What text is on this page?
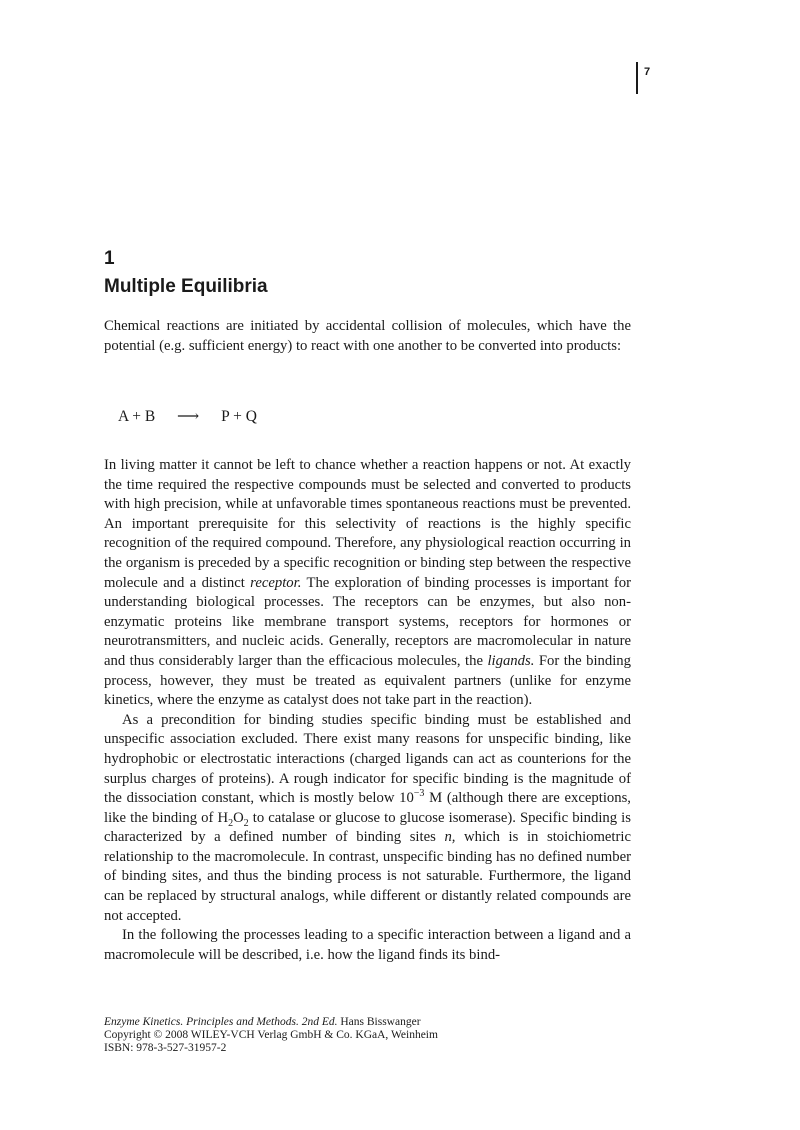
7
1
Multiple Equilibria

Chemical reactions are initiated by accidental collision of molecules, which have the potential (e.g. sufficient energy) to react with one another to be converted into products:

A + B ⟶ P + Q

In living matter it cannot be left to chance whether a reaction happens or not. At exactly the time required the respective compounds must be selected and converted to products with high precision, while at unfavorable times spontaneous reactions must be prevented. An important prerequisite for this selectivity of reactions is the highly specific recognition of the required compound. Therefore, any physiological reaction occurring in the organism is preceded by a specific recognition or binding step between the respective molecule and a distinct receptor. The exploration of binding processes is important for understanding biological processes. The receptors can be enzymes, but also non-enzymatic proteins like membrane transport systems, receptors for hormones or neurotransmitters, and nucleic acids. Generally, receptors are macromolecular in nature and thus considerably larger than the efficacious molecules, the ligands. For the binding process, however, they must be treated as equivalent partners (unlike for enzyme kinetics, where the enzyme as catalyst does not take part in the reaction).

As a precondition for binding studies specific binding must be established and unspecific association excluded. There exist many reasons for unspecific binding, like hydrophobic or electrostatic interactions (charged ligands can act as counterions for the surplus charges of proteins). A rough indicator for specific binding is the magnitude of the dissociation constant, which is mostly below $10^{-3}$ M (although there are exceptions, like the binding of $H_2O_2$ to catalase or glucose to glucose isomerase). Specific binding is characterized by a defined number of binding sites n, which is in stoichiometric relationship to the macromolecule. In contrast, unspecific binding has no defined number of binding sites, and thus the binding process is not saturable. Furthermore, the ligand can be replaced by structural analogs, while different or distantly related compounds are not accepted.

In the following the processes leading to a specific interaction between a ligand and a macromolecule will be described, i.e. how the ligand finds its bind-

Enzyme Kinetics. Principles and Methods. 2nd Ed. Hans Bisswanger
Copyright © 2008 WILEY-VCH Verlag GmbH & Co. KGaA, Weinheim
ISBN: 978-3-527-31957-2
